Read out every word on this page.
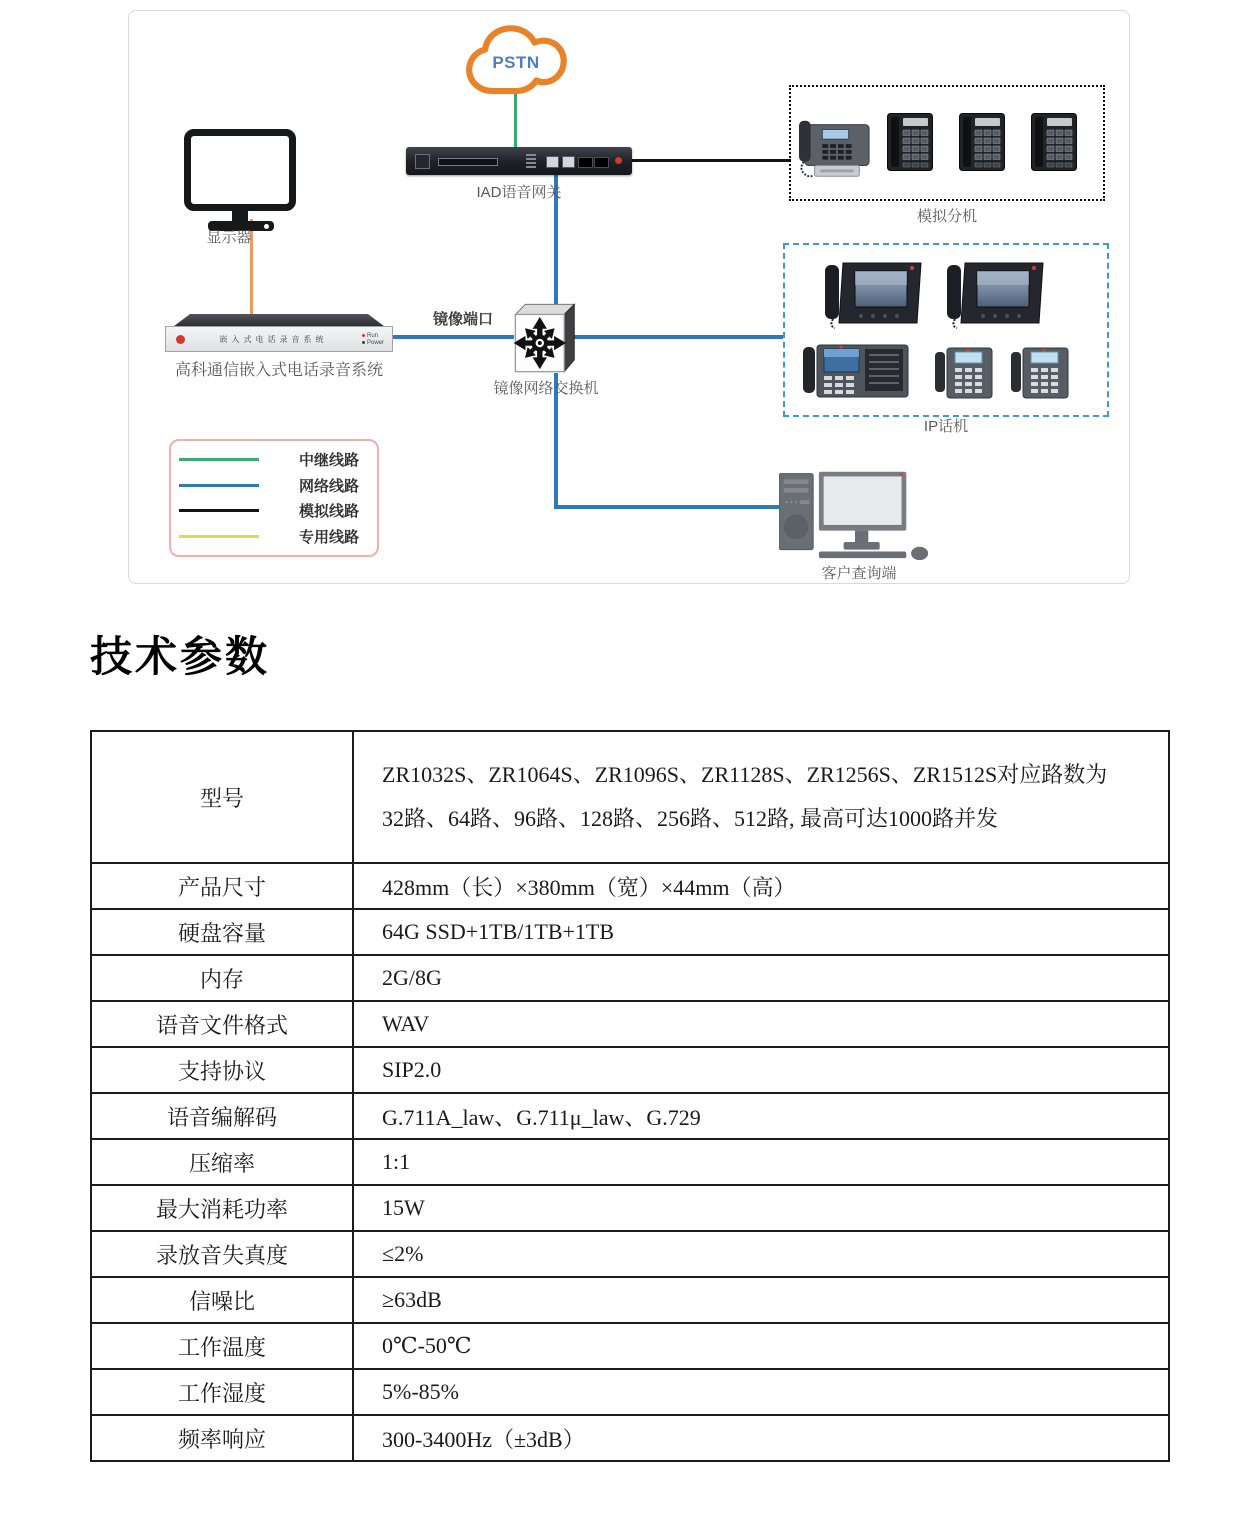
PSTN
显示器
IAD语音网关
模拟分机
嵌入式电话录音系统	Run
Power
高科通信嵌入式电话录音系统
镜像端口
镜像网络交换机
IP话机
客户查询端
中继线路
网络线路
模拟线路
专用线路
技术参数
型号	ZR1032S、ZR1064S、ZR1096S、ZR1128S、ZR1256S、ZR1512S对应路数为32路、64路、96路、128路、256路、512路, 最高可达1000路并发
产品尺寸	428mm（长）×380mm（宽）×44mm（高）
硬盘容量	64G SSD+1TB/1TB+1TB
内存	2G/8G
语音文件格式	WAV
支持协议	SIP2.0
语音编解码	G.711A_law、G.711μ_law、G.729
压缩率	1:1
最大消耗功率	15W
录放音失真度	≤2%
信噪比	≥63dB
工作温度	0℃-50℃
工作湿度	5%-85%
频率响应	300-3400Hz（±3dB）
